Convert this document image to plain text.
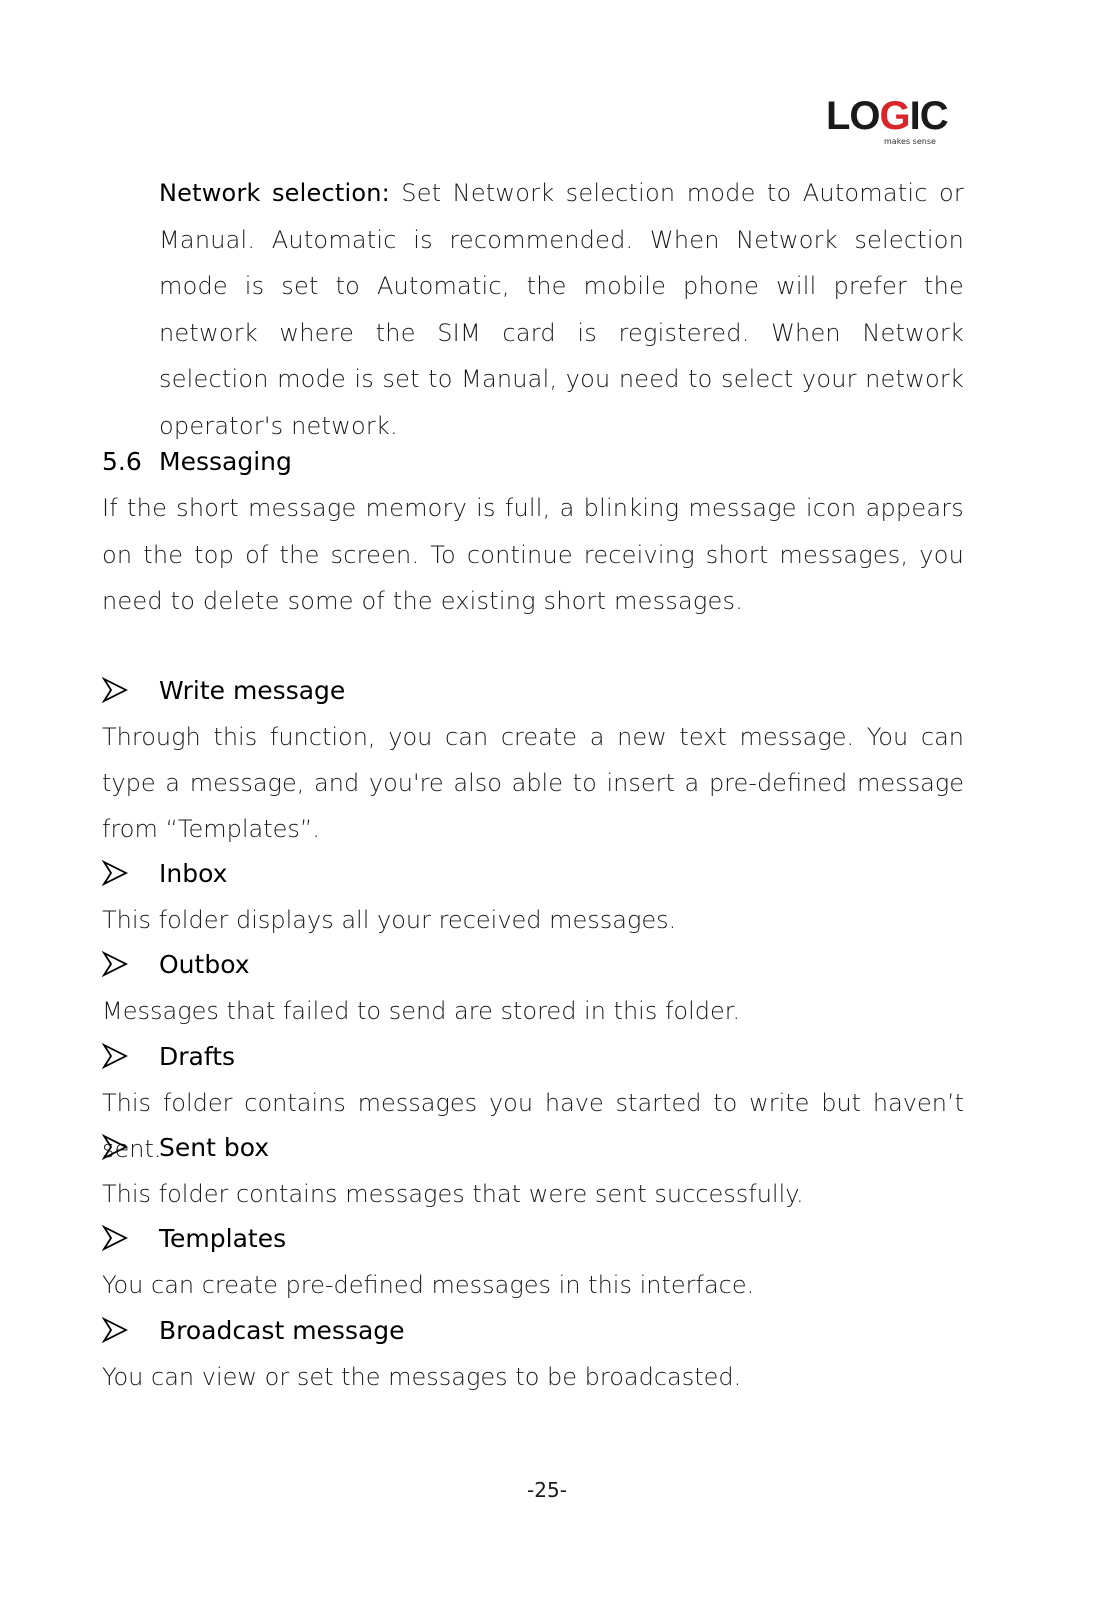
LOGIC
makes sense

Network selection: Set Network selection mode to Automatic or Manual. Automatic is recommended. When Network selection mode is set to Automatic, the mobile phone will prefer the network where the SIM card is registered. When Network selection mode is set to Manual, you need to select your network operator's network.

5.6 Messaging

If the short message memory is full, a blinking message icon appears on the top of the screen. To continue receiving short messages, you need to delete some of the existing short messages.

Write message

Through this function, you can create a new text message. You can type a message, and you're also able to insert a pre-defined message from “Templates”.

Inbox

This folder displays all your received messages.

Outbox

Messages that failed to send are stored in this folder.

Drafts

This folder contains messages you have started to write but haven’t sent.

Sent box

This folder contains messages that were sent successfully.

Templates

You can create pre-defined messages in this interface.

Broadcast message

You can view or set the messages to be broadcasted.

-25-
